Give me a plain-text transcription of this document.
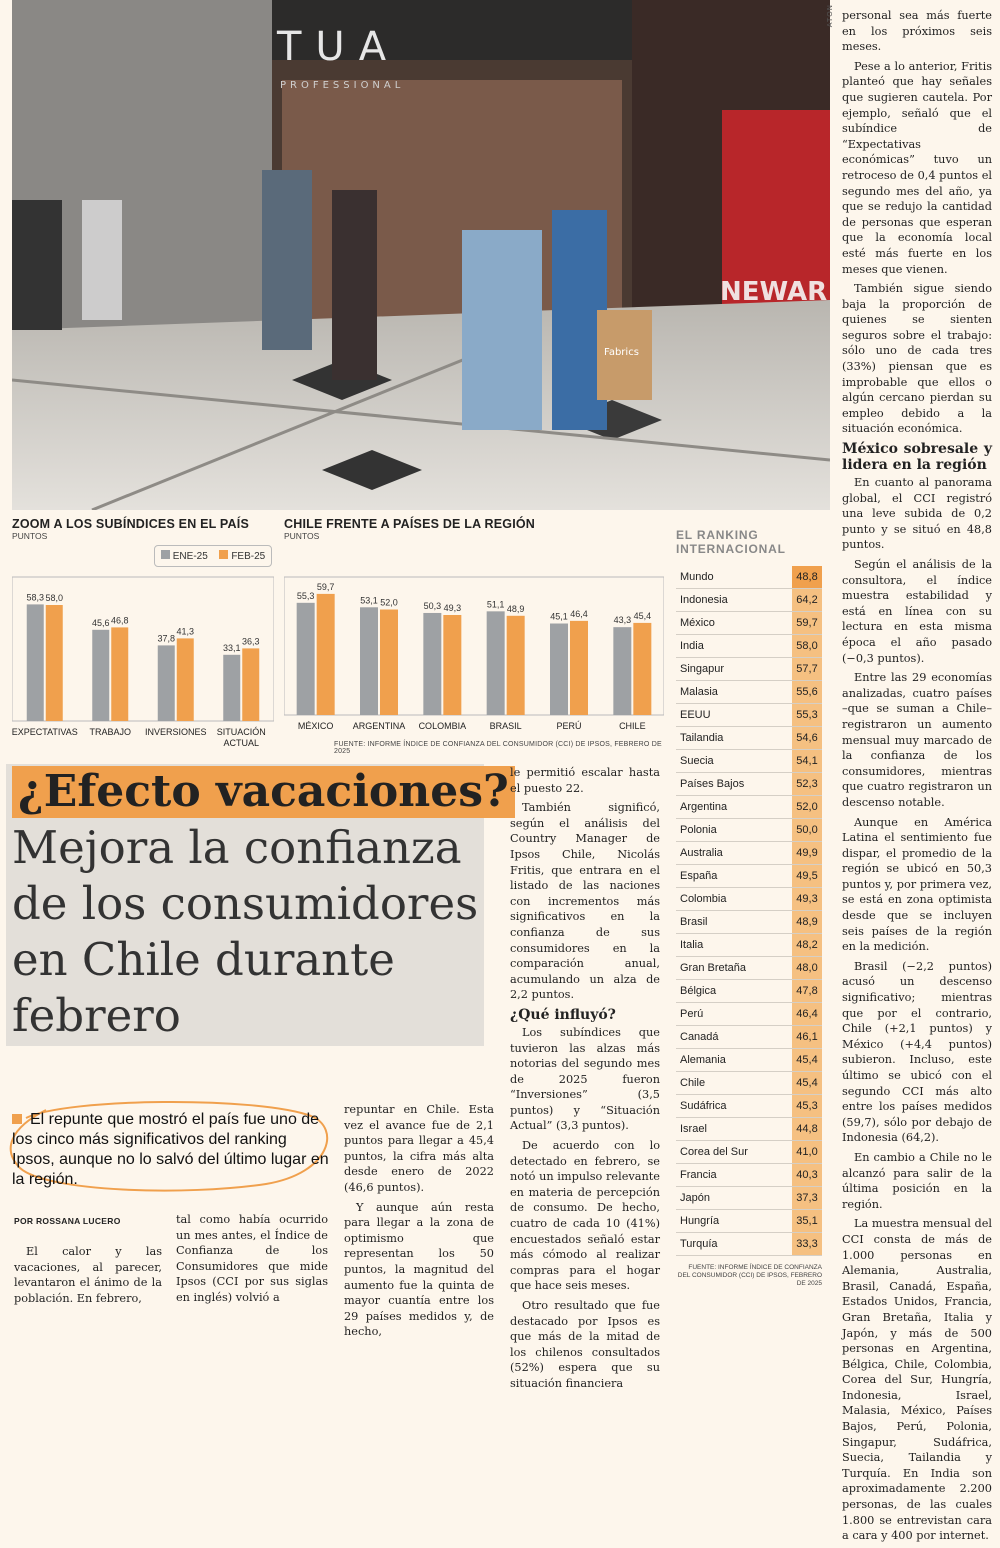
TUA
PROFESSIONAL
Fabrics
NEWAR
ATON
ZOOM A LOS SUBÍNDICES EN EL PAÍS
PUNTOS
ENE-25	FEB-25
58,3 58,0
EXPECTATIVAS
45,6 46,8
TRABAJO
37,8
41,3
INVERSIONES
33,1
36,3
SITUACIÓN
ACTUAL
CHILE FRENTE A PAÍSES DE LA REGIÓN
PUNTOS
55,3
59,7
MÉXICO
53,1 52,0
ARGENTINA
50,3 49,3
COLOMBIA
51,1 48,9
BRASIL
45,1 46,4
PERÚ
43,3 45,4
CHILE
FUENTE: INFORME ÍNDICE DE CONFIANZA DEL CONSUMIDOR (CCI) DE IPSOS, FEBRERO DE 2025
EL RANKING
INTERNACIONAL
Mundo	48,8
Indonesia	64,2
México	59,7
India	58,0
Singapur	57,7
Malasia	55,6
EEUU	55,3
Tailandia	54,6
Suecia	54,1
Países Bajos	52,3
Argentina	52,0
Polonia	50,0
Australia	49,9
España	49,5
Colombia	49,3
Brasil	48,9
Italia	48,2
Gran Bretaña	48,0
Bélgica	47,8
Perú	46,4
Canadá	46,1
Alemania	45,4
Chile	45,4
Sudáfrica	45,3
Israel	44,8
Corea del Sur	41,0
Francia	40,3
Japón	37,3
Hungría	35,1
Turquía	33,3
FUENTE: INFORME ÍNDICE DE CONFIANZA
DEL CONSUMIDOR (CCI) DE IPSOS, FEBRERO
DE 2025
¿Efecto vacaciones?
Mejora la confianza
de los consumidores
en Chile durante
febrero
El repunte que mostró el país fue uno de los cinco más significativos del ranking Ipsos, aunque no lo salvó del último lugar en la región.
POR ROSSANA LUCERO

El calor y las vacaciones, al parecer, levantaron el ánimo de la población. En febrero,

tal como había ocurrido un mes antes, el Índice de Confianza de los Consumidores que mide Ipsos (CCI por sus siglas en inglés) volvió a

repuntar en Chile. Esta vez el avance fue de 2,1 puntos para llegar a 45,4 puntos, la cifra más alta desde enero de 2022 (46,6 puntos).

Y aunque aún resta para llegar a la zona de optimismo que representan los 50 puntos, la magnitud del aumento fue la quinta de mayor cuantía entre los 29 países medidos y, de hecho,

le permitió escalar hasta el puesto 22.

También significó, según el análisis del Country Manager de Ipsos Chile, Nicolás Fritis, que entrara en el listado de las naciones con incrementos más significativos en la confianza de sus consumidores en la comparación anual, acumulando un alza de 2,2 puntos.

¿Qué influyó?

Los subíndices que tuvieron las alzas más notorias del segundo mes de 2025 fueron “Inversiones” (3,5 puntos) y “Situación Actual” (3,3 puntos).

De acuerdo con lo detectado en febrero, se notó un impulso relevante en materia de percepción de consumo. De hecho, cuatro de cada 10 (41%) encuestados señaló estar más cómodo al realizar compras para el hogar que hace seis meses.

Otro resultado que fue destacado por Ipsos es que más de la mitad de los chilenos consultados (52%) espera que su situación financiera

personal sea más fuerte en los próximos seis meses.

Pese a lo anterior, Fritis planteó que hay señales que sugieren cautela. Por ejemplo, señaló que el subíndice de “Expectativas económicas” tuvo un retroceso de 0,4 puntos el segundo mes del año, ya que se redujo la cantidad de personas que esperan que la economía local esté más fuerte en los meses que vienen.

También sigue siendo baja la proporción de quienes se sienten seguros sobre el trabajo: sólo uno de cada tres (33%) piensan que es improbable que ellos o algún cercano pierdan su empleo debido a la situación económica.

México sobresale y lidera en la región

En cuanto al panorama global, el CCI registró una leve subida de 0,2 punto y se situó en 48,8 puntos.

Según el análisis de la consultora, el índice muestra estabilidad y está en línea con su lectura en esta misma época el año pasado (−0,3 puntos).

Entre las 29 economías analizadas, cuatro países –que se suman a Chile– registraron un aumento mensual muy marcado de la confianza de los consumidores, mientras que cuatro registraron un descenso notable.

Aunque en América Latina el sentimiento fue dispar, el promedio de la región se ubicó en 50,3 puntos y, por primera vez, se está en zona optimista desde que se incluyen seis países de la región en la medición.

Brasil (−2,2 puntos) acusó un descenso significativo; mientras que por el contrario, Chile (+2,1 puntos) y México (+4,4 puntos) subieron. Incluso, este último se ubicó con el segundo CCI más alto entre los países medidos (59,7), sólo por debajo de Indonesia (64,2).

En cambio a Chile no le alcanzó para salir de la última posición en la región.

La muestra mensual del CCI consta de más de 1.000 personas en Alemania, Australia, Brasil, Canadá, España, Estados Unidos, Francia, Gran Bretaña, Italia y Japón, y más de 500 personas en Argentina, Bélgica, Chile, Colombia, Corea del Sur, Hungría, Indonesia, Israel, Malasia, México, Países Bajos, Perú, Polonia, Singapur, Sudáfrica, Suecia, Tailandia y Turquía. En India son aproximadamente 2.200 personas, de las cuales 1.800 se entrevistan cara a cara y 400 por internet.
